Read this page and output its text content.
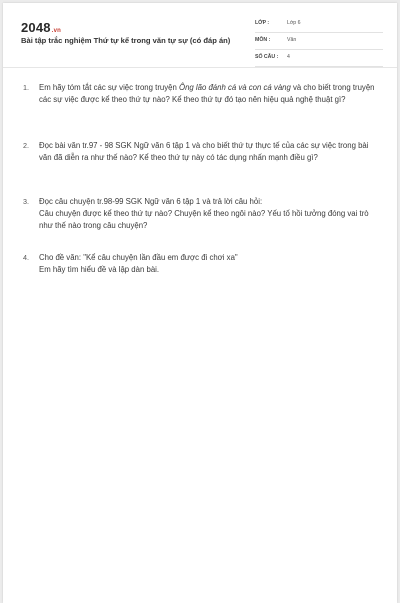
2048.vn
Bài tập trắc nghiệm Thứ tự kể trong văn tự sự (có đáp án)
LỚP :	Lớp 6
MÔN :	Văn
SỐ CÂU : 4
1. Em hãy tóm tắt các sự việc trong truyện Ông lão đánh cá và con cá vàng và cho biết trong truyện các sự việc được kể theo thứ tự nào? Kể theo thứ tự đó tạo nên hiệu quả nghệ thuật gì?
2. Đọc bài văn tr.97 - 98 SGK Ngữ văn 6 tập 1 và cho biết thứ tự thực tế của các sự việc trong bài văn đã diễn ra như thế nào? Kể theo thứ tự này có tác dụng nhấn mạnh điều gì?
3. Đọc câu chuyện tr.98-99 SGK Ngữ văn 6 tập 1 và trả lời câu hỏi:
Câu chuyện được kể theo thứ tự nào? Chuyện kể theo ngôi nào? Yếu tố hồi tưởng đóng vai trò như thế nào trong câu chuyện?
4. Cho đề văn: "Kể câu chuyện lần đầu em được đi chơi xa"
Em hãy tìm hiểu đề và lập dàn bài.
